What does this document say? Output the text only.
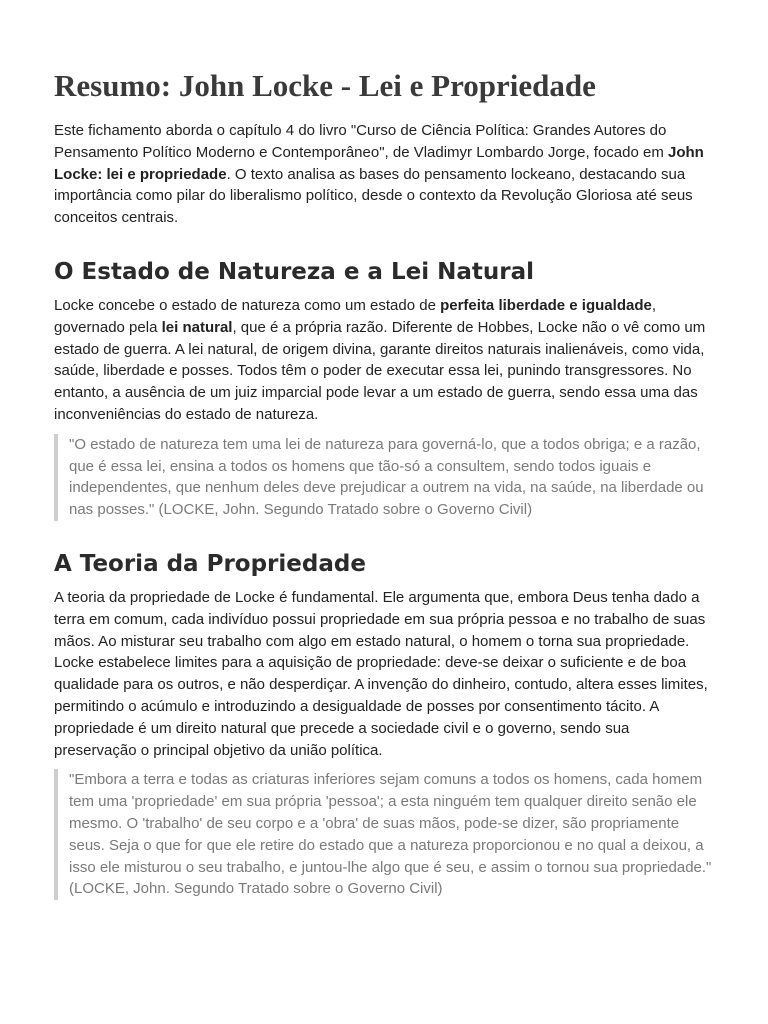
Resumo: John Locke - Lei e Propriedade

Este fichamento aborda o capítulo 4 do livro "Curso de Ciência Política: Grandes Autores do Pensamento Político Moderno e Contemporâneo", de Vladimyr Lombardo Jorge, focado em John Locke: lei e propriedade. O texto analisa as bases do pensamento lockeano, destacando sua importância como pilar do liberalismo político, desde o contexto da Revolução Gloriosa até seus conceitos centrais.

O Estado de Natureza e a Lei Natural

Locke concebe o estado de natureza como um estado de perfeita liberdade e igualdade, governado pela lei natural, que é a própria razão. Diferente de Hobbes, Locke não o vê como um estado de guerra. A lei natural, de origem divina, garante direitos naturais inalienáveis, como vida, saúde, liberdade e posses. Todos têm o poder de executar essa lei, punindo transgressores. No entanto, a ausência de um juiz imparcial pode levar a um estado de guerra, sendo essa uma das inconveniências do estado de natureza.

"O estado de natureza tem uma lei de natureza para governá-lo, que a todos obriga; e a razão, que é essa lei, ensina a todos os homens que tão-só a consultem, sendo todos iguais e independentes, que nenhum deles deve prejudicar a outrem na vida, na saúde, na liberdade ou nas posses." (LOCKE, John. Segundo Tratado sobre o Governo Civil)

A Teoria da Propriedade

A teoria da propriedade de Locke é fundamental. Ele argumenta que, embora Deus tenha dado a terra em comum, cada indivíduo possui propriedade em sua própria pessoa e no trabalho de suas mãos. Ao misturar seu trabalho com algo em estado natural, o homem o torna sua propriedade. Locke estabelece limites para a aquisição de propriedade: deve-se deixar o suficiente e de boa qualidade para os outros, e não desperdiçar. A invenção do dinheiro, contudo, altera esses limites, permitindo o acúmulo e introduzindo a desigualdade de posses por consentimento tácito. A propriedade é um direito natural que precede a sociedade civil e o governo, sendo sua preservação o principal objetivo da união política.

"Embora a terra e todas as criaturas inferiores sejam comuns a todos os homens, cada homem tem uma 'propriedade' em sua própria 'pessoa'; a esta ninguém tem qualquer direito senão ele mesmo. O 'trabalho' de seu corpo e a 'obra' de suas mãos, pode-se dizer, são propriamente seus. Seja o que for que ele retire do estado que a natureza proporcionou e no qual a deixou, a isso ele misturou o seu trabalho, e juntou-lhe algo que é seu, e assim o tornou sua propriedade." (LOCKE, John. Segundo Tratado sobre o Governo Civil)
